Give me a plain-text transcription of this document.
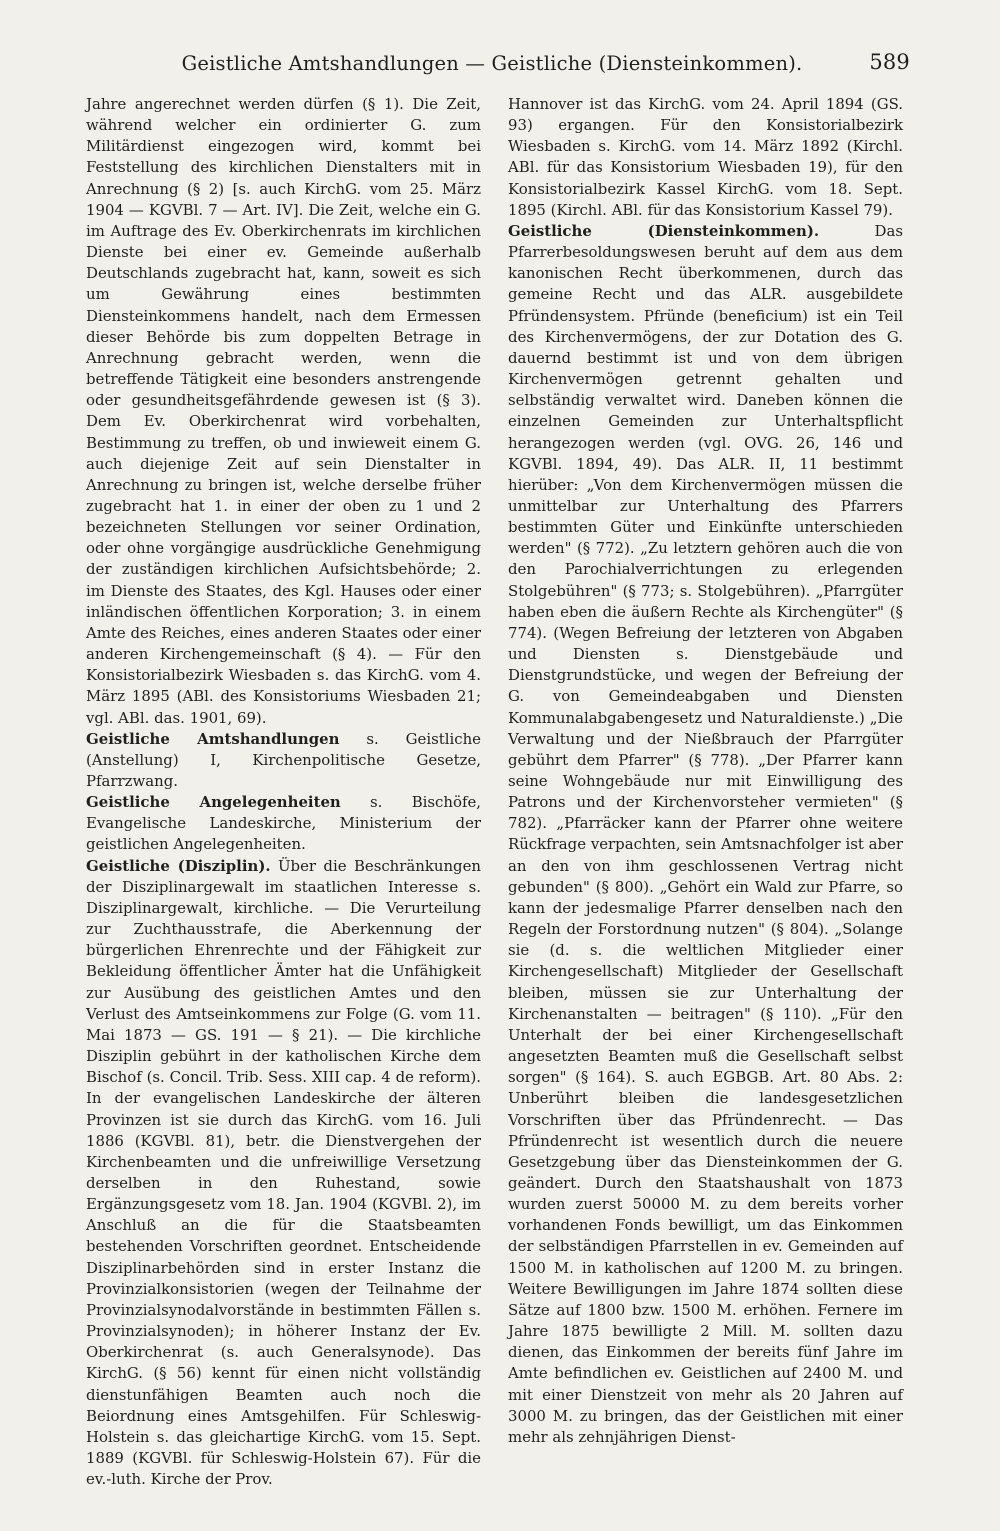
Geistliche Amtshandlungen — Geistliche (Diensteinkommen).	589

Jahre angerechnet werden dürfen (§ 1). Die Zeit, während welcher ein ordinierter G. zum Militärdienst eingezogen wird, kommt bei Feststellung des kirchlichen Dienstalters mit in Anrechnung (§ 2) [s. auch KirchG. vom 25. März 1904 — KGVBl. 7 — Art. IV]. Die Zeit, welche ein G. im Auftrage des Ev. Oberkirchenrats im kirchlichen Dienste bei einer ev. Gemeinde außerhalb Deutschlands zugebracht hat, kann, soweit es sich um Gewährung eines bestimmten Diensteinkommens handelt, nach dem Ermessen dieser Behörde bis zum doppelten Betrage in Anrechnung gebracht werden, wenn die betreffende Tätigkeit eine besonders anstrengende oder gesundheitsgefährdende gewesen ist (§ 3). Dem Ev. Oberkirchenrat wird vorbehalten, Bestimmung zu treffen, ob und inwieweit einem G. auch diejenige Zeit auf sein Dienstalter in Anrechnung zu bringen ist, welche derselbe früher zugebracht hat 1. in einer der oben zu 1 und 2 bezeichneten Stellungen vor seiner Ordination, oder ohne vorgängige ausdrückliche Genehmigung der zuständigen kirchlichen Aufsichtsbehörde; 2. im Dienste des Staates, des Kgl. Hauses oder einer inländischen öffentlichen Korporation; 3. in einem Amte des Reiches, eines anderen Staates oder einer anderen Kirchengemeinschaft (§ 4). — Für den Konsistorialbezirk Wiesbaden s. das KirchG. vom 4. März 1895 (ABl. des Konsistoriums Wiesbaden 21; vgl. ABl. das. 1901, 69).

Geistliche Amtshandlungen s. Geistliche (Anstellung) I, Kirchenpolitische Gesetze, Pfarrzwang.

Geistliche Angelegenheiten s. Bischöfe, Evangelische Landeskirche, Ministerium der geistlichen Angelegenheiten.

Geistliche (Disziplin). Über die Beschränkungen der Disziplinargewalt im staatlichen Interesse s. Disziplinargewalt, kirchliche. — Die Verurteilung zur Zuchthausstrafe, die Aberkennung der bürgerlichen Ehrenrechte und der Fähigkeit zur Bekleidung öffentlicher Ämter hat die Unfähigkeit zur Ausübung des geistlichen Amtes und den Verlust des Amtseinkommens zur Folge (G. vom 11. Mai 1873 — GS. 191 — § 21). — Die kirchliche Disziplin gebührt in der katholischen Kirche dem Bischof (s. Concil. Trib. Sess. XIII cap. 4 de reform). In der evangelischen Landeskirche der älteren Provinzen ist sie durch das KirchG. vom 16. Juli 1886 (KGVBl. 81), betr. die Dienstvergehen der Kirchenbeamten und die unfreiwillige Versetzung derselben in den Ruhestand, sowie Ergänzungsgesetz vom 18. Jan. 1904 (KGVBl. 2), im Anschluß an die für die Staatsbeamten bestehenden Vorschriften geordnet. Entscheidende Disziplinarbehörden sind in erster Instanz die Provinzialkonsistorien (wegen der Teilnahme der Provinzialsynodalvorstände in bestimmten Fällen s. Provinzialsynoden); in höherer Instanz der Ev. Oberkirchenrat (s. auch Generalsynode). Das KirchG. (§ 56) kennt für einen nicht vollständig dienstunfähigen Beamten auch noch die Beiordnung eines Amtsgehilfen. Für Schleswig-Holstein s. das gleichartige KirchG. vom 15. Sept. 1889 (KGVBl. für Schleswig-Holstein 67). Für die ev.-luth. Kirche der Prov.

Hannover ist das KirchG. vom 24. April 1894 (GS. 93) ergangen. Für den Konsistorialbezirk Wiesbaden s. KirchG. vom 14. März 1892 (Kirchl. ABl. für das Konsistorium Wiesbaden 19), für den Konsistorialbezirk Kassel KirchG. vom 18. Sept. 1895 (Kirchl. ABl. für das Konsistorium Kassel 79).

Geistliche (Diensteinkommen). Das Pfarrerbesoldungswesen beruht auf dem aus dem kanonischen Recht überkommenen, durch das gemeine Recht und das ALR. ausgebildete Pfründensystem. Pfründe (beneficium) ist ein Teil des Kirchenvermögens, der zur Dotation des G. dauernd bestimmt ist und von dem übrigen Kirchenvermögen getrennt gehalten und selbständig verwaltet wird. Daneben können die einzelnen Gemeinden zur Unterhaltspflicht herangezogen werden (vgl. OVG. 26, 146 und KGVBl. 1894, 49). Das ALR. II, 11 bestimmt hierüber: „Von dem Kirchenvermögen müssen die unmittelbar zur Unterhaltung des Pfarrers bestimmten Güter und Einkünfte unterschieden werden" (§ 772). „Zu letztern gehören auch die von den Parochialverrichtungen zu erlegenden Stolgebühren" (§ 773; s. Stolgebühren). „Pfarrgüter haben eben die äußern Rechte als Kirchengüter" (§ 774). (Wegen Befreiung der letzteren von Abgaben und Diensten s. Dienstgebäude und Dienstgrundstücke, und wegen der Befreiung der G. von Gemeindeabgaben und Diensten Kommunalabgabengesetz und Naturaldienste.) „Die Verwaltung und der Nießbrauch der Pfarrgüter gebührt dem Pfarrer" (§ 778). „Der Pfarrer kann seine Wohngebäude nur mit Einwilligung des Patrons und der Kirchenvorsteher vermieten" (§ 782). „Pfarräcker kann der Pfarrer ohne weitere Rückfrage verpachten, sein Amtsnachfolger ist aber an den von ihm geschlossenen Vertrag nicht gebunden" (§ 800). „Gehört ein Wald zur Pfarre, so kann der jedesmalige Pfarrer denselben nach den Regeln der Forstordnung nutzen" (§ 804). „Solange sie (d. s. die weltlichen Mitglieder einer Kirchengesellschaft) Mitglieder der Gesellschaft bleiben, müssen sie zur Unterhaltung der Kirchenanstalten — beitragen" (§ 110). „Für den Unterhalt der bei einer Kirchengesellschaft angesetzten Beamten muß die Gesellschaft selbst sorgen" (§ 164). S. auch EGBGB. Art. 80 Abs. 2: Unberührt bleiben die landesgesetzlichen Vorschriften über das Pfründenrecht. — Das Pfründenrecht ist wesentlich durch die neuere Gesetzgebung über das Diensteinkommen der G. geändert. Durch den Staatshaushalt von 1873 wurden zuerst 50000 M. zu dem bereits vorher vorhandenen Fonds bewilligt, um das Einkommen der selbständigen Pfarrstellen in ev. Gemeinden auf 1500 M. in katholischen auf 1200 M. zu bringen. Weitere Bewilligungen im Jahre 1874 sollten diese Sätze auf 1800 bzw. 1500 M. erhöhen. Fernere im Jahre 1875 bewilligte 2 Mill. M. sollten dazu dienen, das Einkommen der bereits fünf Jahre im Amte befindlichen ev. Geistlichen auf 2400 M. und mit einer Dienstzeit von mehr als 20 Jahren auf 3000 M. zu bringen, das der Geistlichen mit einer mehr als zehnjährigen Dienst-
